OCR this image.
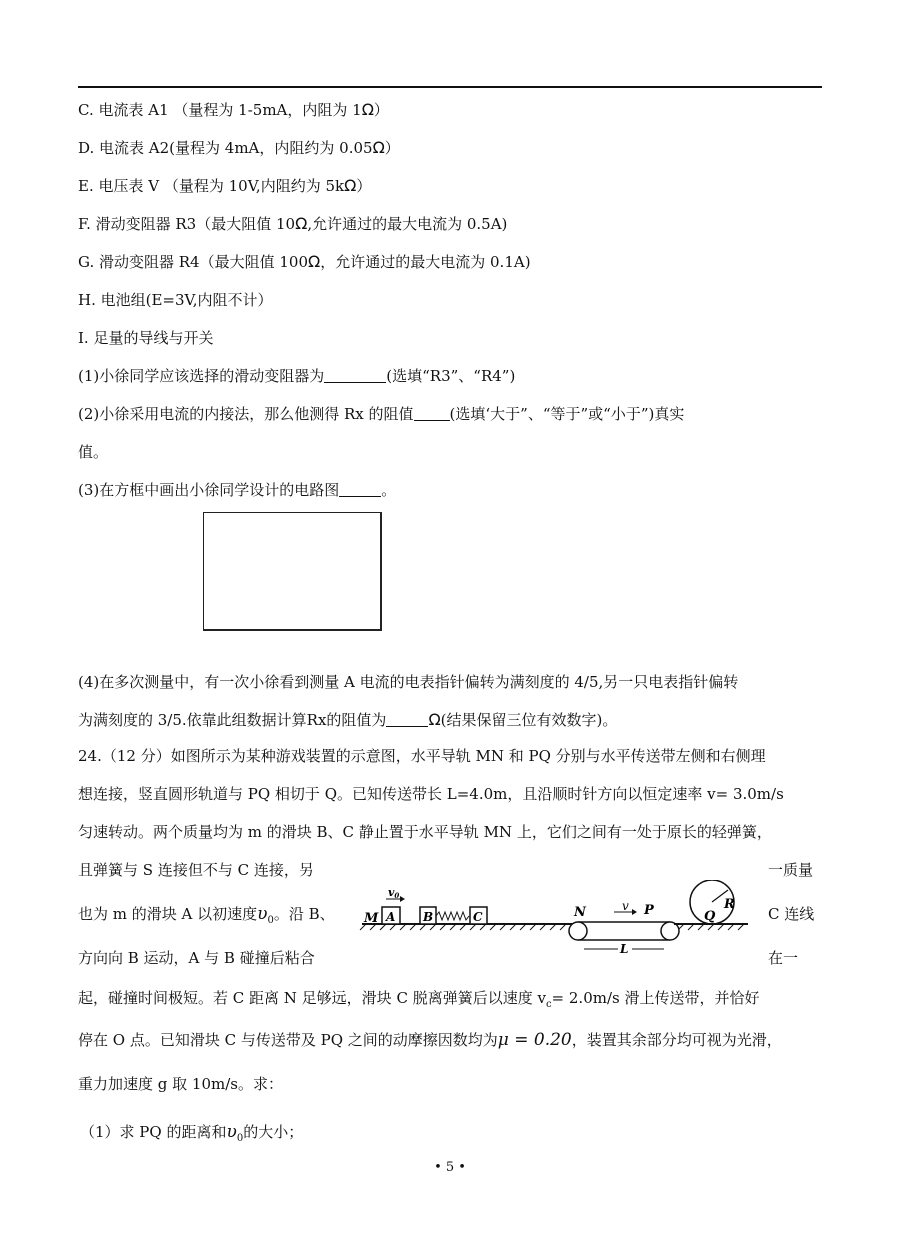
C. 电流表 A1 （量程为 1-5mA，内阻为 1Ω）
D. 电流表 A2(量程为 4mA，内阻约为 0.05Ω）
E. 电压表 V （量程为 10V,内阻约为 5kΩ）
F. 滑动变阻器 R3（最大阻值 10Ω,允许通过的最大电流为 0.5A)
G. 滑动变阻器 R4（最大阻值 100Ω，允许通过的最大电流为 0.1A)
H. 电池组(E=3V,内阻不计）
I. 足量的导线与开关
(1)小徐同学应该选择的滑动变阻器为	(选填“R3”、“R4”)
(2)小徐采用电流的内接法，那么他测得 Rx 的阻值 (选填‘大于”、“等于”或“小于”)真实
值。
(3)在方框中画出小徐同学设计的电路图	。
(4)在多次测量中，有一次小徐看到测量 A 电流的电表指针偏转为满刻度的 4/5,另一只电表指针偏转
为满刻度的 3/5.依靠此组数据计算Rx的阻值为	Ω(结果保留三位有效数字)。
24.（12 分）如图所示为某种游戏装置的示意图，水平导轨 MN 和 PQ 分别与水平传送带左侧和右侧理
想连接，竖直圆形轨道与 PQ 相切于 Q。已知传送带长 L=4.0m，且沿顺时针方向以恒定速率 v= 3.0m/s
匀速转动。两个质量均为 m 的滑块 B、C 静止置于水平导轨 MN 上，它们之间有一处于原长的轻弹簧，
且弹簧与 S 连接但不与 C 连接，另	一质量
也为 m 的滑块 A 以初速度$\upsilon_0$。沿 B、	C 连线
方向向 B 运动，A 与 B 碰撞后粘合	在一
起，碰撞时间极短。若 C 距离 N 足够远，滑块 C 脱离弹簧后以速度 $v_c= 2.0m/s$ 滑上传送带，并恰好
停在 O 点。已知滑块 C 与传送带及 PQ 之间的动摩擦因数均为μ = 0.20，装置其余部分均可视为光滑，
重力加速度 g 取 10m/s。求：
（1）求 PQ 的距离和$\upsilon_0$的大小；
M A B	C
v0
N	v P	Q
R
L
• 5 •
